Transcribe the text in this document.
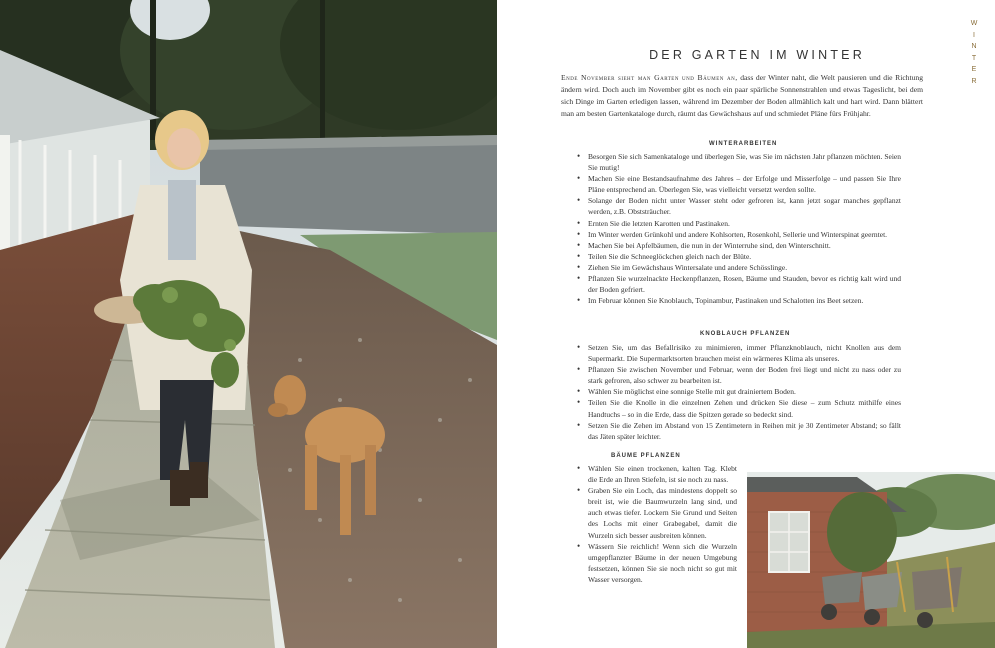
W
I
N
T
E
R
DER GARTEN IM WINTER

Ende November sieht man Garten und Bäumen an, dass der Winter naht, die Welt pausieren und die Richtung ändern wird. Doch auch im November gibt es noch ein paar spärliche Sonnenstrahlen und etwas Tageslicht, bei dem sich Dinge im Garten erledigen lassen, während im Dezember der Boden allmählich kalt und hart wird. Dann blättert man am besten Gartenkataloge durch, räumt das Gewächshaus auf und schmiedet Pläne fürs Frühjahr.

WINTERARBEITEN
• Besorgen Sie sich Samenkataloge und überlegen Sie, was Sie im nächsten Jahr pflanzen möchten. Seien Sie mutig!
• Machen Sie eine Bestandsaufnahme des Jahres – der Erfolge und Misserfolge – und passen Sie Ihre Pläne entsprechend an. Überlegen Sie, was vielleicht versetzt werden sollte.
• Solange der Boden nicht unter Wasser steht oder gefroren ist, kann jetzt sogar manches gepflanzt werden, z.B. Obststräucher.
• Ernten Sie die letzten Karotten und Pastinaken.
• Im Winter werden Grünkohl und andere Kohlsorten, Rosenkohl, Sellerie und Winterspinat geerntet.
• Machen Sie bei Apfelbäumen, die nun in der Winterruhe sind, den Winterschnitt.
• Teilen Sie die Schneeglöckchen gleich nach der Blüte.
• Ziehen Sie im Gewächshaus Wintersalate und andere Schösslinge.
• Pflanzen Sie wurzelnackte Heckenpflanzen, Rosen, Bäume und Stauden, bevor es richtig kalt wird und der Boden gefriert.
• Im Februar können Sie Knoblauch, Topinambur, Pastinaken und Schalotten ins Beet setzen.
KNOBLAUCH PFLANZEN
• Setzen Sie, um das Befallrisiko zu minimieren, immer Pflanzknoblauch, nicht Knollen aus dem Supermarkt. Die Supermarktsorten brauchen meist ein wärmeres Klima als unseres.
• Pflanzen Sie zwischen November und Februar, wenn der Boden frei liegt und nicht zu nass oder zu stark gefroren, also schwer zu bearbeiten ist.
• Wählen Sie möglichst eine sonnige Stelle mit gut drainiertem Boden.
• Teilen Sie die Knolle in die einzelnen Zehen und drücken Sie diese – zum Schutz mithilfe eines Handtuchs – so in die Erde, dass die Spitzen gerade so bedeckt sind.
• Setzen Sie die Zehen im Abstand von 15 Zentimetern in Reihen mit je 30 Zentimeter Abstand; so fällt das Jäten später leichter.
BÄUME PFLANZEN
• Wählen Sie einen trockenen, kalten Tag. Klebt die Erde an Ihren Stiefeln, ist sie noch zu nass.
• Graben Sie ein Loch, das mindestens doppelt so breit ist, wie die Baumwurzeln lang sind, und auch etwas tiefer. Lockern Sie Grund und Seiten des Lochs mit einer Grabegabel, damit die Wurzeln sich besser ausbreiten können.
• Wässern Sie reichlich! Wenn sich die Wurzeln umgepflanzter Bäume in der neuen Umgebung festsetzen, können Sie sie noch nicht so gut mit Wasser versorgen.
